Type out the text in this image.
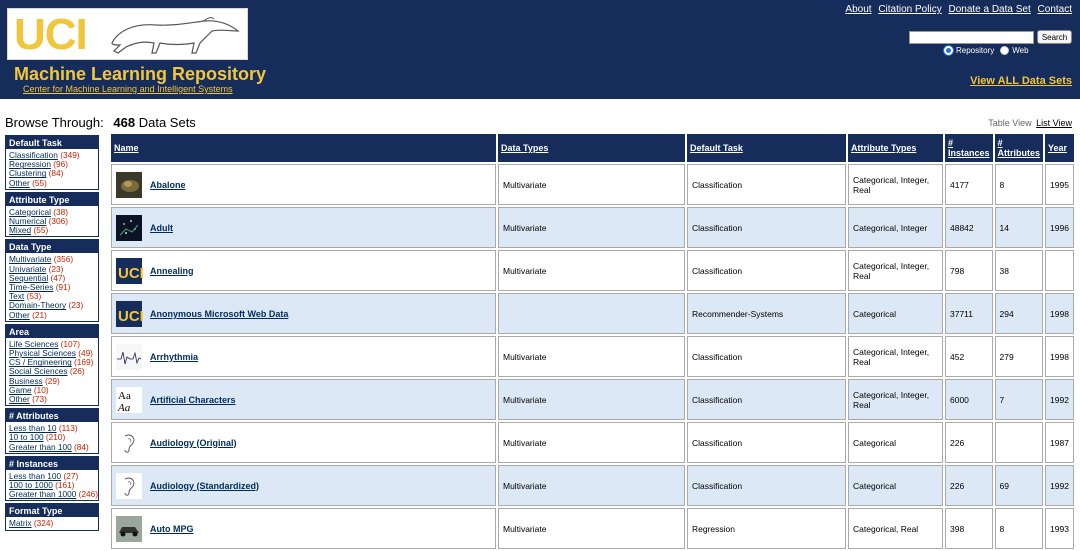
UCI
Machine Learning Repository
Center for Machine Learning and Intelligent Systems
About Citation Policy Donate a Data Set Contact
Search
Repository Web
View ALL Data Sets
Browse Through: 468 Data Sets	Table View List View
Default Task
Classification (349)
Regression (96)
Clustering (84)
Other (55)
Attribute Type
Categorical (38)
Numerical (306)
Mixed (55)
Data Type
Multivariate (356)
Univariate (23)
Sequential (47)
Time-Series (91)
Text (53)
Domain-Theory (23)
Other (21)
Area
Life Sciences (107)
Physical Sciences (49)
CS / Engineering (169)
Social Sciences (26)
Business (29)
Game (10)
Other (73)
# Attributes
Less than 10 (113)
10 to 100 (210)
Greater than 100 (84)
# Instances
Less than 100 (27)
100 to 1000 (161)
Greater than 1000 (246)
Format Type
Matrix (324)
Name	Data Types	Default Task	Attribute Types	# Instances	# Attributes	Year

Abalone	Multivariate	Classification	Categorical, Integer, Real	4177	8	1995

Adult	Multivariate	Classification	Categorical, Integer	48842	14	1996

UCI Annealing	Multivariate	Classification	Categorical, Integer, Real	798	38	

UCI Anonymous Microsoft Web Data		Recommender-Systems	Categorical	37711	294	1998

Arrhythmia	Multivariate	Classification	Categorical, Integer, Real	452	279	1998

Aa
Aa
Artificial Characters	Multivariate	Classification	Categorical, Integer, Real	6000	7	1992

Audiology (Original)	Multivariate	Classification	Categorical	226		1987

Audiology (Standardized)	Multivariate	Classification	Categorical	226	69	1992

Auto MPG	Multivariate	Regression	Categorical, Real	398	8	1993
